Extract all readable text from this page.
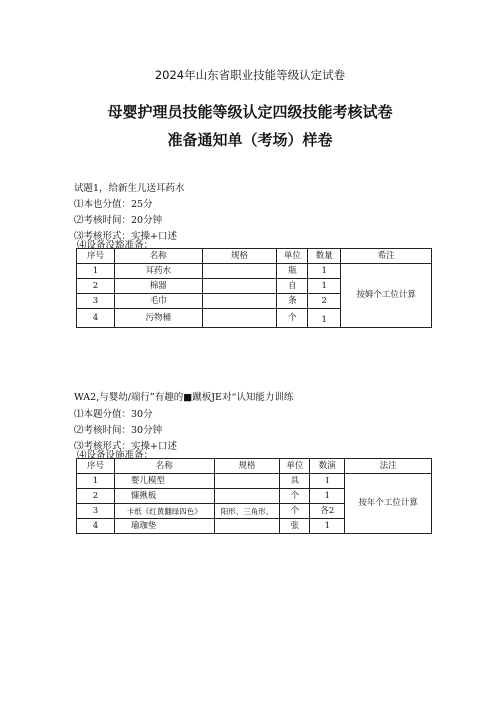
2024年山东省职业技能等级认定试卷
母婴护理员技能等级认定四级技能考核试卷
准备通知单（考场）样卷
试题1，给新生儿送耳药水
⑴本也分值：25分
⑵考核时间：20分钟
⑶考核形式：实操+口述
⑷设备没豁准备：
序号	名称	规格	单位	数量	希注
1	耳药水		瓶	1	按姆个工位计算
2	棉器		自	1	
3	毛巾		条	2	
4	污物桶		个	1	
WA2,与婴幼/端行”有趣的■蹴板JE对“认知能力训练
⑴本题分值：30分
⑵考核时间：30分钟
⑶考核形式：实操+口述
⑷设备设施准备：
序号	名称	规格	单位	数演	法注
1	婴儿模型		具	I	按年个工位计算
2	慷揪板		个	1	
3	卡纸《红黄翻绿四色》	阳形、三角形、	个	各2	
4	瑜珈垫		张	1	
